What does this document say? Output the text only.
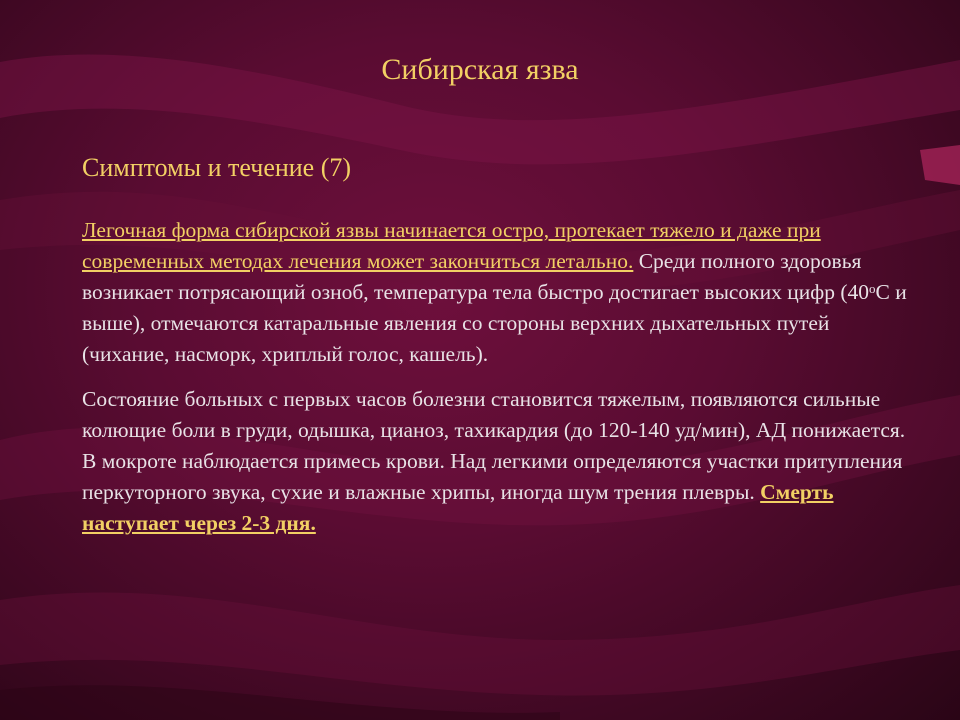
Сибирская язва
Симптомы и течение (7)

Легочная форма сибирской язвы начинается остро, протекает тяжело и даже при современных методах лечения может закончиться летально. Среди полного здоровья возникает потрясающий озноб, температура тела быстро достигает высоких цифр ($40^оС$ и выше), отмечаются катаральные явления со стороны верхних дыхательных путей (чихание, насморк, хриплый голос, кашель).

Состояние больных с первых часов болезни становится тяжелым, появляются сильные колющие боли в груди, одышка, цианоз, тахикардия (до 120-140 уд/мин), АД понижается. В мокроте наблюдается примесь крови. Над легкими определяются участки притупления перкуторного звука, сухие и влажные хрипы, иногда шум трения плевры. Смерть наступает через 2-3 дня.
